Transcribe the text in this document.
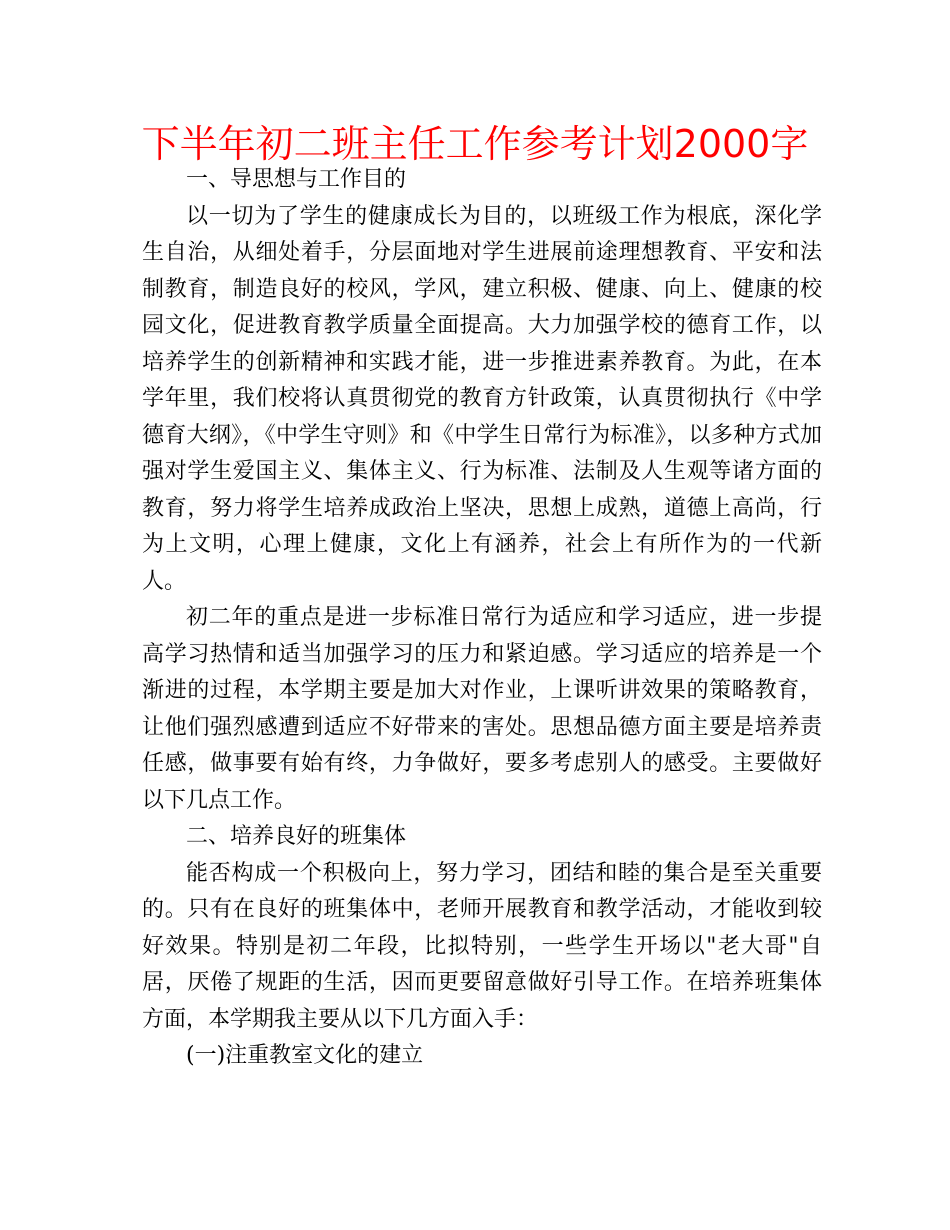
下半年初二班主任工作参考计划2000字

一、导思想与工作目的

以一切为了学生的健康成长为目的，以班级工作为根底，深化学生自治，从细处着手，分层面地对学生进展前途理想教育、平安和法制教育，制造良好的校风，学风，建立积极、健康、向上、健康的校园文化，促进教育教学质量全面提高。大力加强学校的德育工作，以培养学生的创新精神和实践才能，进一步推进素养教育。为此，在本学年里，我们校将认真贯彻党的教育方针政策，认真贯彻执行《中学德育大纲》，《中学生守则》和《中学生日常行为标准》，以多种方式加强对学生爱国主义、集体主义、行为标准、法制及人生观等诸方面的教育，努力将学生培养成政治上坚决，思想上成熟，道德上高尚，行为上文明，心理上健康，文化上有涵养，社会上有所作为的一代新人。

初二年的重点是进一步标准日常行为适应和学习适应，进一步提高学习热情和适当加强学习的压力和紧迫感。学习适应的培养是一个渐进的过程，本学期主要是加大对作业，上课听讲效果的策略教育，让他们强烈感遭到适应不好带来的害处。思想品德方面主要是培养责任感，做事要有始有终，力争做好，要多考虑别人的感受。主要做好以下几点工作。

二、培养良好的班集体

能否构成一个积极向上，努力学习，团结和睦的集合是至关重要的。只有在良好的班集体中，老师开展教育和教学活动，才能收到较好效果。特别是初二年段，比拟特别，一些学生开场以"老大哥"自居，厌倦了规距的生活，因而更要留意做好引导工作。在培养班集体方面，本学期我主要从以下几方面入手：

(一)注重教室文化的建立
